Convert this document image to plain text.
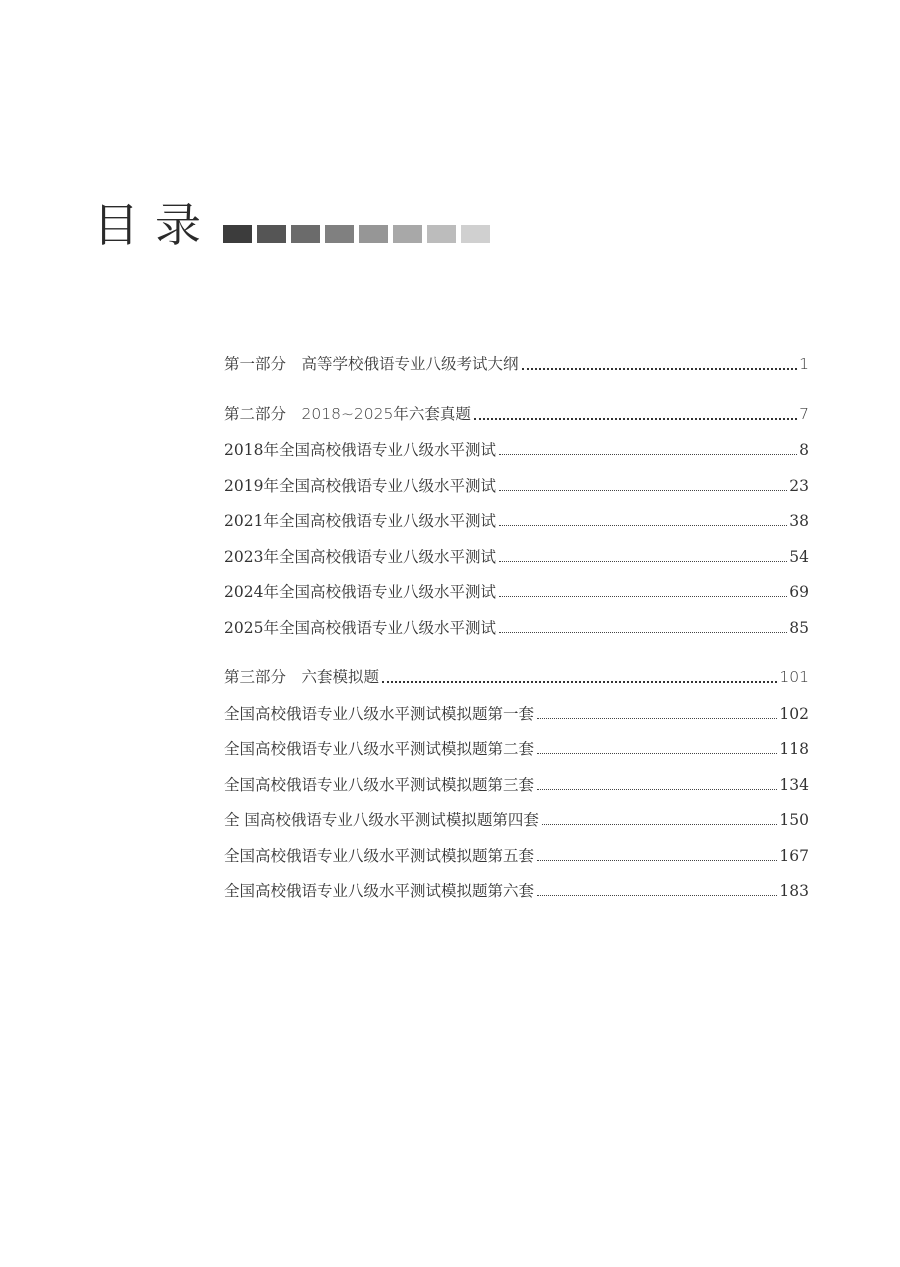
目录
第一部分　高等学校俄语专业八级考试大纲	1
第二部分　2018~2025年六套真题	7
2018年全国高校俄语专业八级水平测试	8
2019年全国高校俄语专业八级水平测试	23
2021年全国高校俄语专业八级水平测试	38
2023年全国高校俄语专业八级水平测试	54
2024年全国高校俄语专业八级水平测试	69
2025年全国高校俄语专业八级水平测试	85
第三部分　六套模拟题	101
全国高校俄语专业八级水平测试模拟题第一套	102
全国高校俄语专业八级水平测试模拟题第二套	118
全国高校俄语专业八级水平测试模拟题第三套	134
全 国高校俄语专业八级水平测试模拟题第四套	150
全国高校俄语专业八级水平测试模拟题第五套	167
全国高校俄语专业八级水平测试模拟题第六套	183
